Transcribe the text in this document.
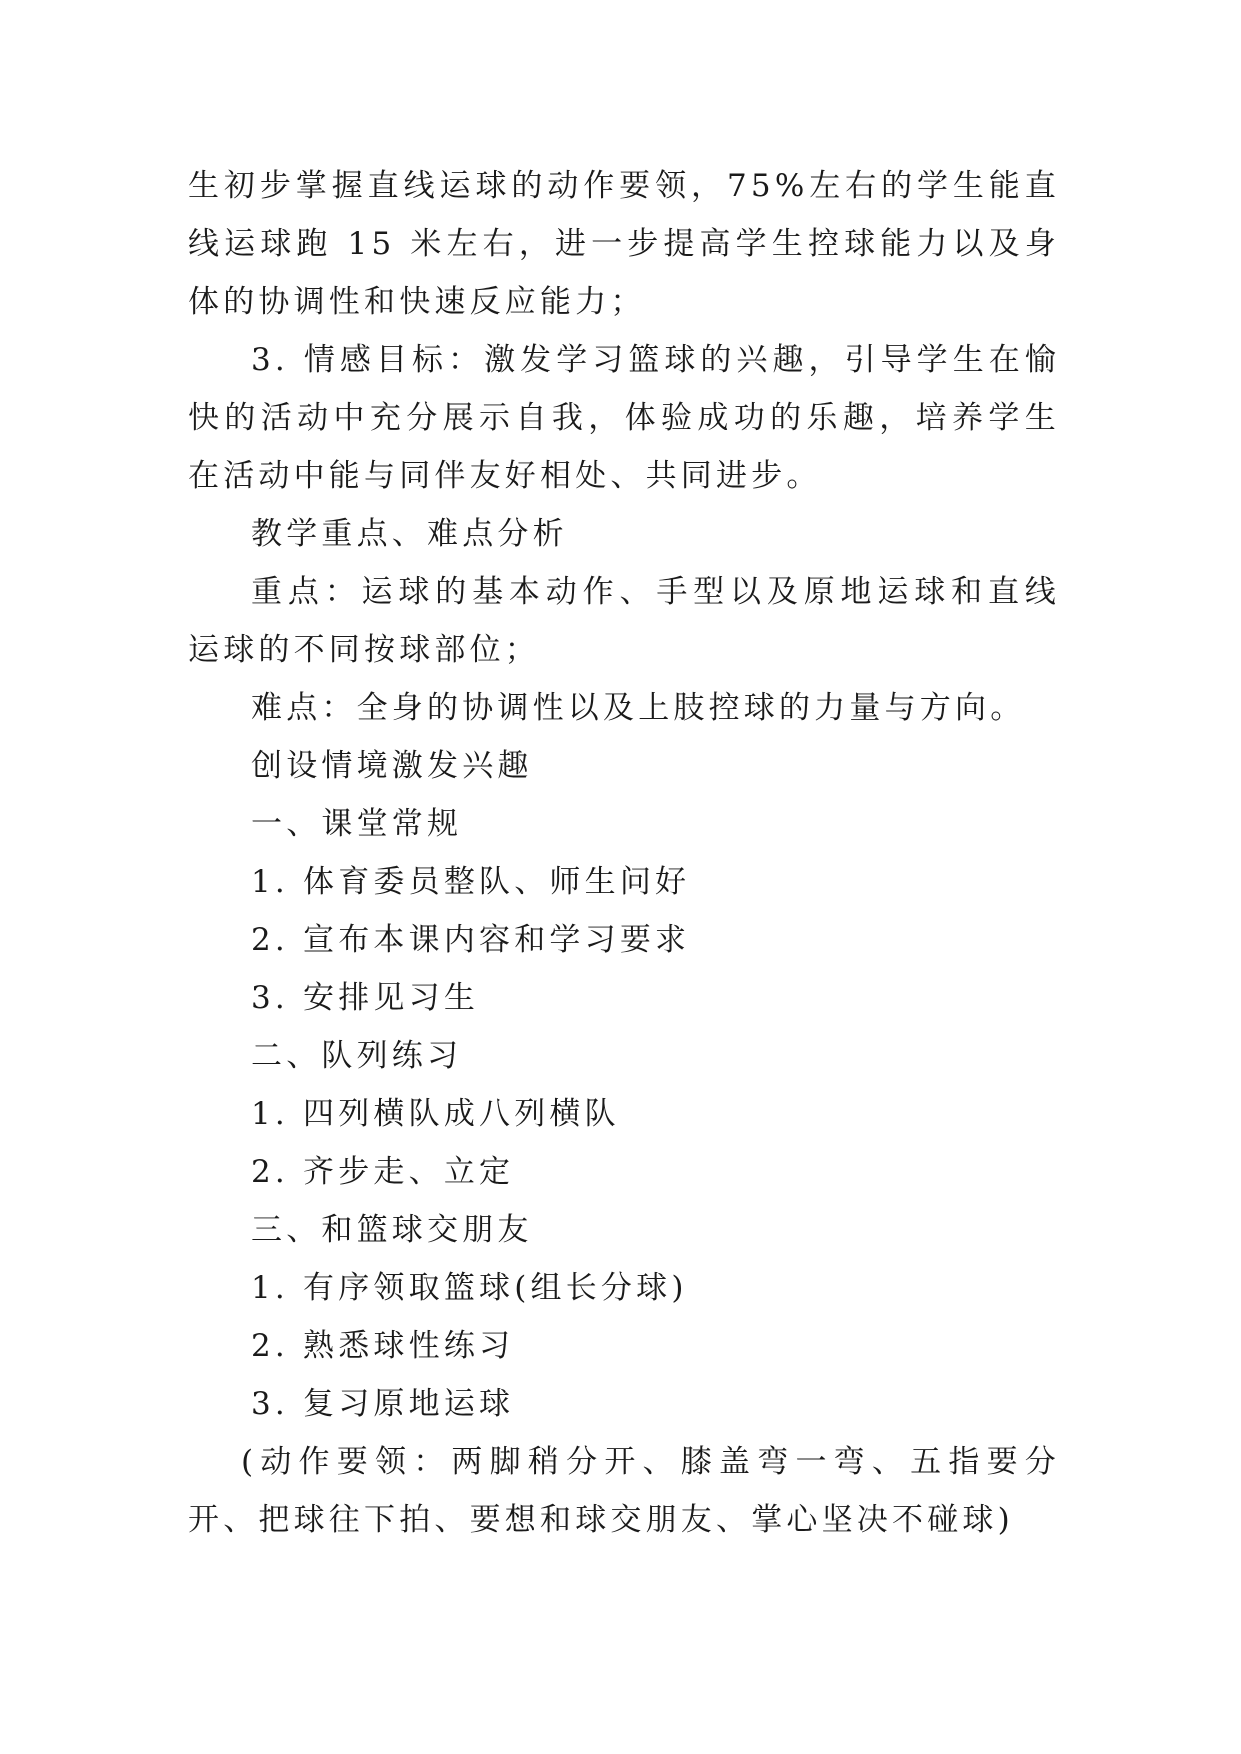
生初步掌握直线运球的动作要领，75%左右的学生能直线运球跑 15 米左右，进一步提高学生控球能力以及身体的协调性和快速反应能力；

3. 情感目标：激发学习篮球的兴趣，引导学生在愉快的活动中充分展示自我，体验成功的乐趣，培养学生在活动中能与同伴友好相处、共同进步。

教学重点、难点分析

重点：运球的基本动作、手型以及原地运球和直线运球的不同按球部位；

难点：全身的协调性以及上肢控球的力量与方向。

创设情境激发兴趣

一、课堂常规

1. 体育委员整队、师生问好

2. 宣布本课内容和学习要求

3. 安排见习生

二、队列练习

1. 四列横队成八列横队

2. 齐步走、立定

三、和篮球交朋友

1. 有序领取篮球(组长分球)

2. 熟悉球性练习

3. 复习原地运球

(动作要领：两脚稍分开、膝盖弯一弯、五指要分开、把球往下拍、要想和球交朋友、掌心坚决不碰球)
